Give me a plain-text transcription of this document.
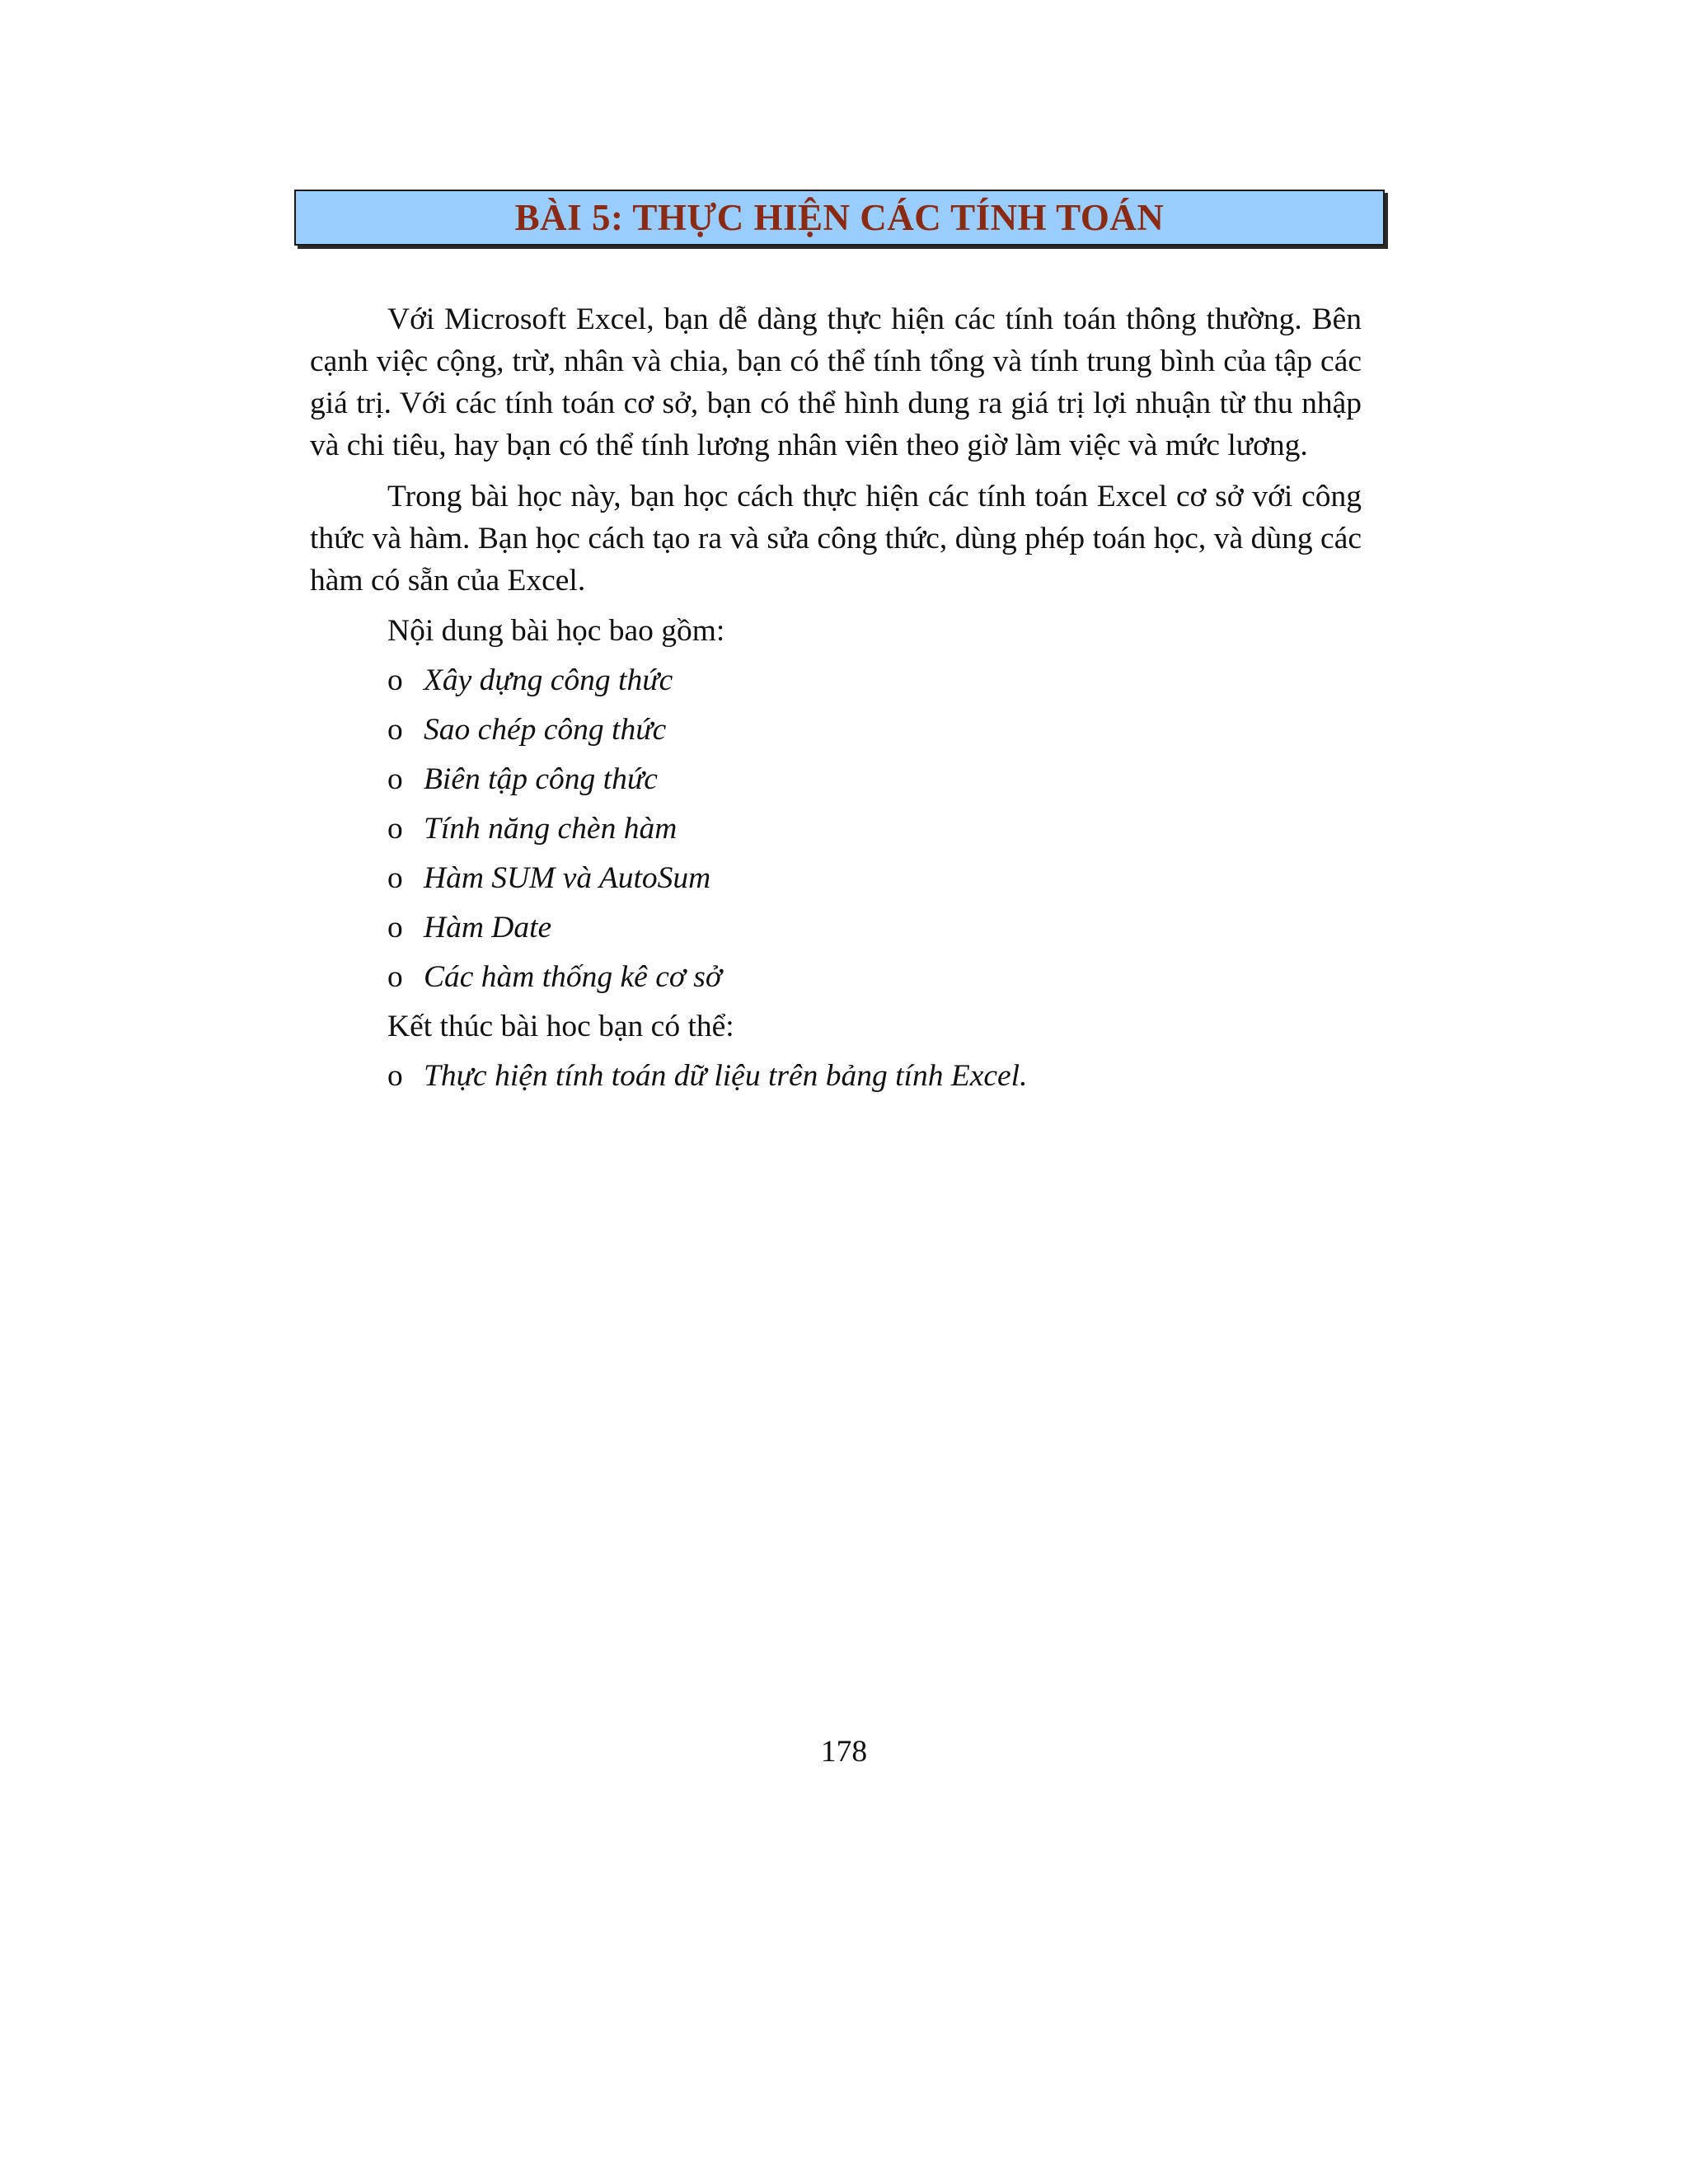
BÀI 5: THỰC HIỆN CÁC TÍNH TOÁN

Với Microsoft Excel, bạn dễ dàng thực hiện các tính toán thông thường. Bên cạnh việc cộng, trừ, nhân và chia, bạn có thể tính tổng và tính trung bình của tập các giá trị. Với các tính toán cơ sở, bạn có thể hình dung ra giá trị lợi nhuận từ thu nhập và chi tiêu, hay bạn có thể tính lương nhân viên theo giờ làm việc và mức lương.

Trong bài học này, bạn học cách thực hiện các tính toán Excel cơ sở với công thức và hàm. Bạn học cách tạo ra và sửa công thức, dùng phép toán học, và dùng các hàm có sẵn của Excel.

Nội dung bài học bao gồm:

o Xây dựng công thức
o Sao chép công thức
o Biên tập công thức
o Tính năng chèn hàm
o Hàm SUM và AutoSum
o Hàm Date
o Các hàm thống kê cơ sở

Kết thúc bài hoc bạn có thể:

o Thực hiện tính toán dữ liệu trên bảng tính Excel.
178
